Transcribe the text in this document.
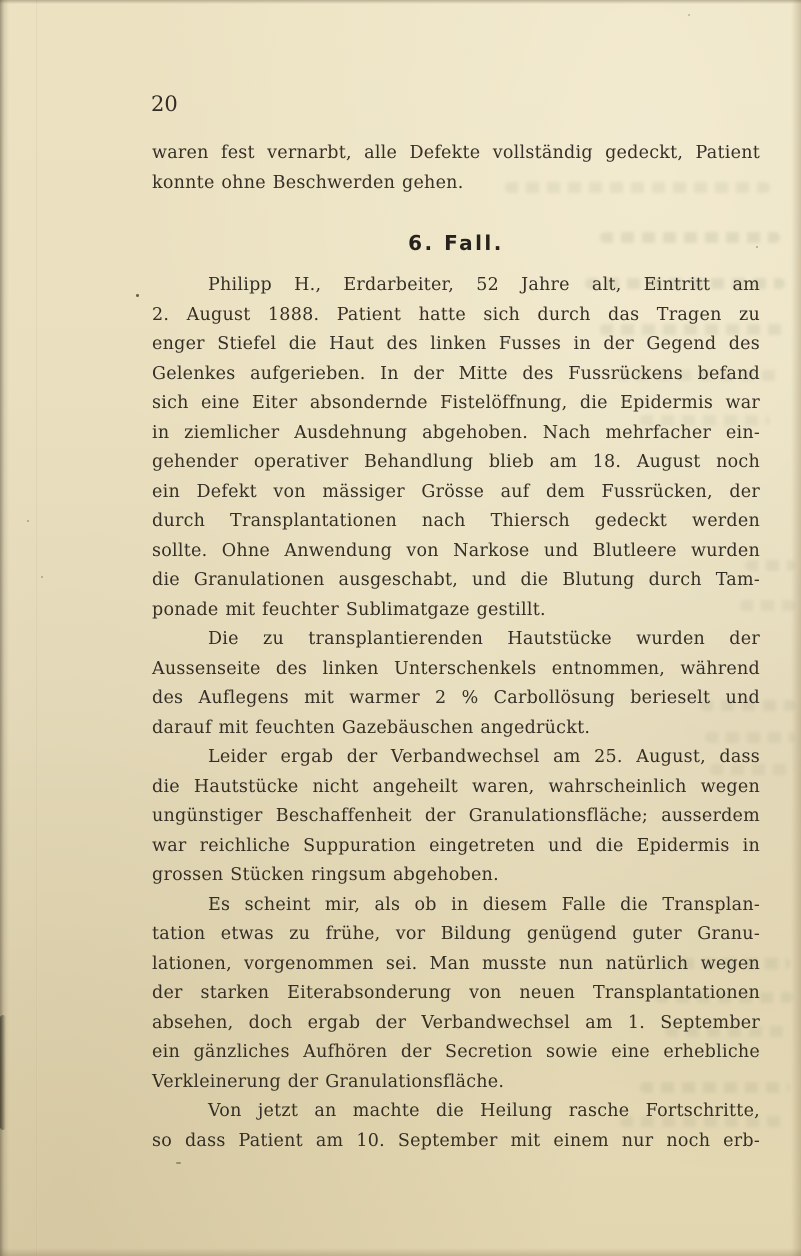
20
waren fest vernarbt, alle Defekte vollständig gedeckt, Patient
konnte ohne Beschwerden gehen.
6. Fall.
Philipp H., Erdarbeiter, 52 Jahre alt, Eintritt am
2. August 1888. Patient hatte sich durch das Tragen zu
enger Stiefel die Haut des linken Fusses in der Gegend des
Gelenkes aufgerieben. In der Mitte des Fussrückens befand
sich eine Eiter absondernde Fistelöffnung, die Epidermis war
in ziemlicher Ausdehnung abgehoben. Nach mehrfacher ein-
gehender operativer Behandlung blieb am 18. August noch
ein Defekt von mässiger Grösse auf dem Fussrücken, der
durch Transplantationen nach Thiersch gedeckt werden
sollte. Ohne Anwendung von Narkose und Blutleere wurden
die Granulationen ausgeschabt, und die Blutung durch Tam-
ponade mit feuchter Sublimatgaze gestillt.
Die zu transplantierenden Hautstücke wurden der
Aussenseite des linken Unterschenkels entnommen, während
des Auflegens mit warmer 2 % Carbollösung berieselt und
darauf mit feuchten Gazebäuschen angedrückt.
Leider ergab der Verbandwechsel am 25. August, dass
die Hautstücke nicht angeheilt waren, wahrscheinlich wegen
ungünstiger Beschaffenheit der Granulationsfläche; ausserdem
war reichliche Suppuration eingetreten und die Epidermis in
grossen Stücken ringsum abgehoben.
Es scheint mir, als ob in diesem Falle die Transplan-
tation etwas zu frühe, vor Bildung genügend guter Granu-
lationen, vorgenommen sei. Man musste nun natürlich wegen
der starken Eiterabsonderung von neuen Transplantationen
absehen, doch ergab der Verbandwechsel am 1. September
ein gänzliches Aufhören der Secretion sowie eine erhebliche
Verkleinerung der Granulationsfläche.
Von jetzt an machte die Heilung rasche Fortschritte,
so dass Patient am 10. September mit einem nur noch erb-
